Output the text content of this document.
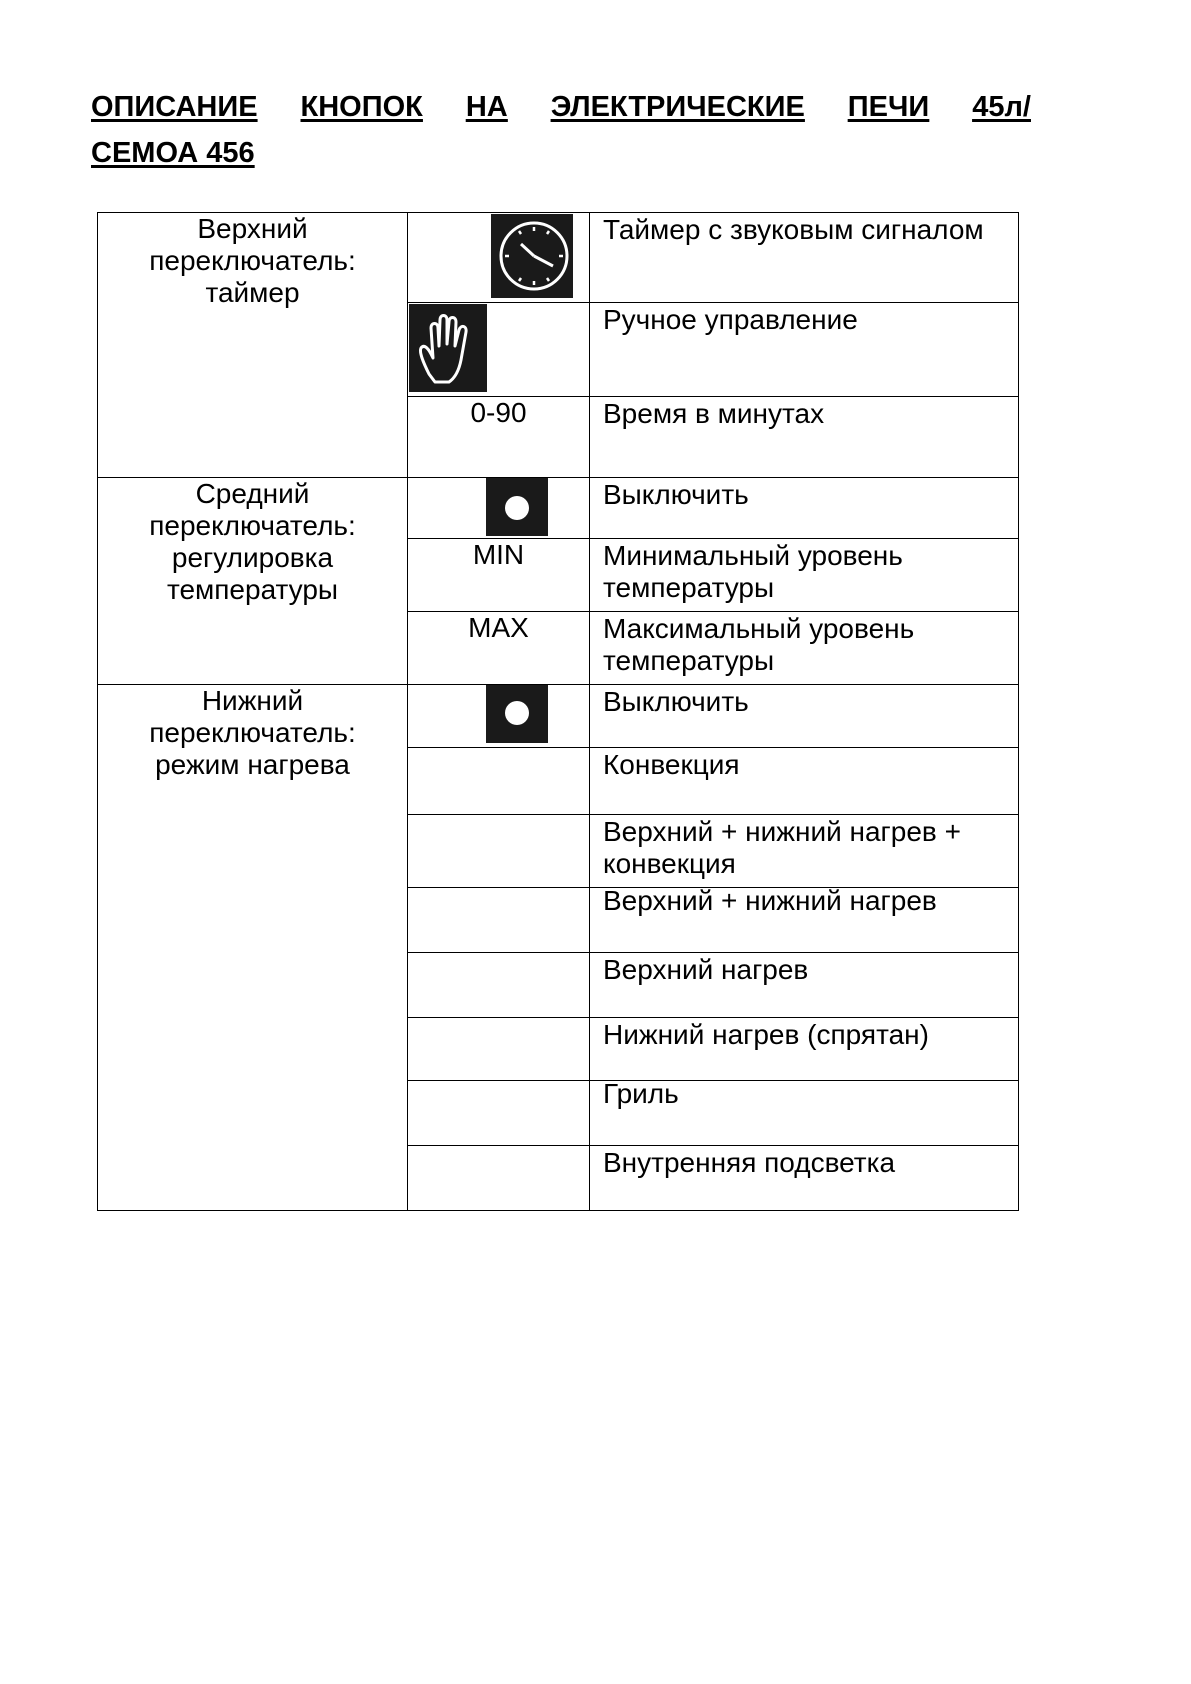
ОПИСАНИЕ КНОПОК НА ЭЛЕКТРИЧЕСКИЕ ПЕЧИ 45л/
СЕМОА 456
Верхний
переключатель:
таймер		Таймер с звуковым сигналом

	Ручное управление
	0-90	Время в минутах

Средний
переключатель:
регулировка
температуры		Выключить
	MIN	Минимальный уровень температуры
	MAX	Максимальный уровень температуры

Нижний
переключатель:
режим нагрева		Выключить
		Конвекция
		Верхний + нижний нагрев + конвекция
		Верхний + нижний нагрев
		Верхний нагрев
		Нижний нагрев (спрятан)
		Гриль
		Внутренняя подсветка
